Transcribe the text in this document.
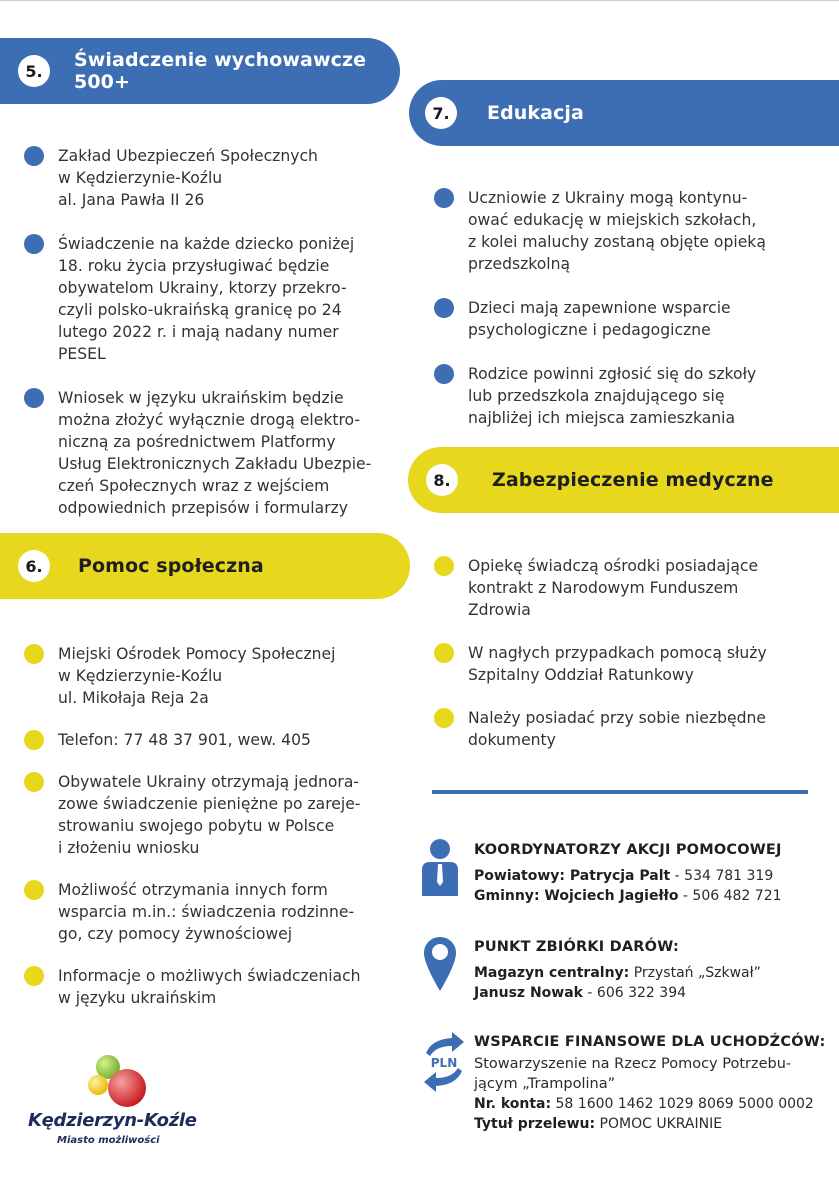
5.	Świadczenie wychowawcze 500+
Zakład Ubezpieczeń Społecznych
w Kędzierzynie-Koźlu
al. Jana Pawła II 26
Świadczenie na każde dziecko poniżej
18. roku życia przysługiwać będzie
obywatelom Ukrainy, ktorzy przekro-
czyli polsko-ukraińską granicę po 24
lutego 2022 r. i mają nadany numer
PESEL
Wniosek w języku ukraińskim będzie
można złożyć wyłącznie drogą elektro-
niczną za pośrednictwem Platformy
Usług Elektronicznych Zakładu Ubezpie-
czeń Społecznych wraz z wejściem
odpowiednich przepisów i formularzy
7.	Edukacja
Uczniowie z Ukrainy mogą kontynu-
ować edukację w miejskich szkołach,
z kolei maluchy zostaną objęte opieką
przedszkolną
Dzieci mają zapewnione wsparcie
psychologiczne i pedagogiczne
Rodzice powinni zgłosić się do szkoły
lub przedszkola znajdującego się
najbliżej ich miejsca zamieszkania
8.	Zabezpieczenie medyczne
Opiekę świadczą ośrodki posiadające
kontrakt z Narodowym Funduszem
Zdrowia
W nagłych przypadkach pomocą służy
Szpitalny Oddział Ratunkowy
Należy posiadać przy sobie niezbędne
dokumenty
6.	Pomoc społeczna
Miejski Ośrodek Pomocy Społecznej
w Kędzierzynie-Koźlu
ul. Mikołaja Reja 2a
Telefon: 77 48 37 901, wew. 405
Obywatele Ukrainy otrzymają jednora-
zowe świadczenie pieniężne po zareje-
strowaniu swojego pobytu w Polsce
i złożeniu wniosku
Możliwość otrzymania innych form
wsparcia m.in.: świadczenia rodzinne-
go, czy pomocy żywnościowej
Informacje o możliwych świadczeniach
w języku ukraińskim
KOORDYNATORZY AKCJI POMOCOWEJ
Powiatowy: Patrycja Palt - 534 781 319
Gminny: Wojciech Jagiełło - 506 482 721
PUNKT ZBIÓRKI DARÓW:
Magazyn centralny: Przystań „Szkwał”
Janusz Nowak - 606 322 394
PLN
WSPARCIE FINANSOWE DLA UCHODŹCÓW:
Stowarzyszenie na Rzecz Pomocy Potrzebu-
jącym „Trampolina”
Nr. konta: 58 1600 1462 1029 8069 5000 0002
Tytuł przelewu: POMOC UKRAINIE
Kędzierzyn-Koźle
Miasto możliwości
